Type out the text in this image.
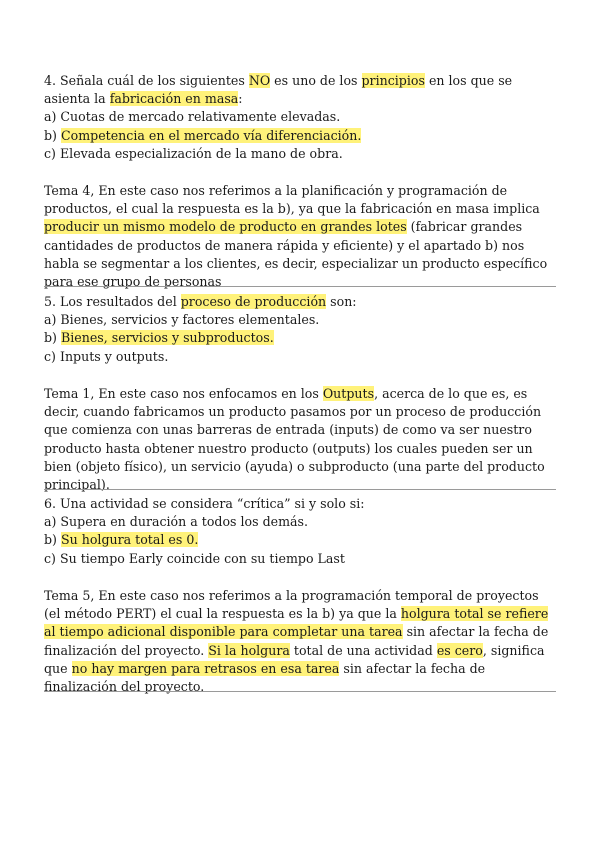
4. Señala cuál de los siguientes NO es uno de los principios en los que se asienta la fabricación en masa:

a) Cuotas de mercado relativamente elevadas.

b) Competencia en el mercado vía diferenciación.

c) Elevada especialización de la mano de obra.

Tema 4, En este caso nos referimos a la planificación y programación de productos, el cual la respuesta es la b), ya que la fabricación en masa implica producir un mismo modelo de producto en grandes lotes (fabricar grandes cantidades de productos de manera rápida y eficiente) y el apartado b) nos habla se segmentar a los clientes, es decir, especializar un producto específico para ese grupo de personas

5. Los resultados del proceso de producción son:

a) Bienes, servicios y factores elementales.

b) Bienes, servicios y subproductos.

c) Inputs y outputs.

Tema 1, En este caso nos enfocamos en los Outputs, acerca de lo que es, es decir, cuando fabricamos un producto pasamos por un proceso de producción que comienza con unas barreras de entrada (inputs) de como va ser nuestro producto hasta obtener nuestro producto (outputs) los cuales pueden ser un bien (objeto físico), un servicio (ayuda) o subproducto (una parte del producto principal).

6. Una actividad se considera “crítica” si y solo si:

a) Supera en duración a todos los demás.

b) Su holgura total es 0.

c) Su tiempo Early coincide con su tiempo Last

Tema 5, En este caso nos referimos a la programación temporal de proyectos (el método PERT) el cual la respuesta es la b) ya que la holgura total se refiere al tiempo adicional disponible para completar una tarea sin afectar la fecha de finalización del proyecto. Si la holgura total de una actividad es cero, significa que no hay margen para retrasos en esa tarea sin afectar la fecha de finalización del proyecto.
